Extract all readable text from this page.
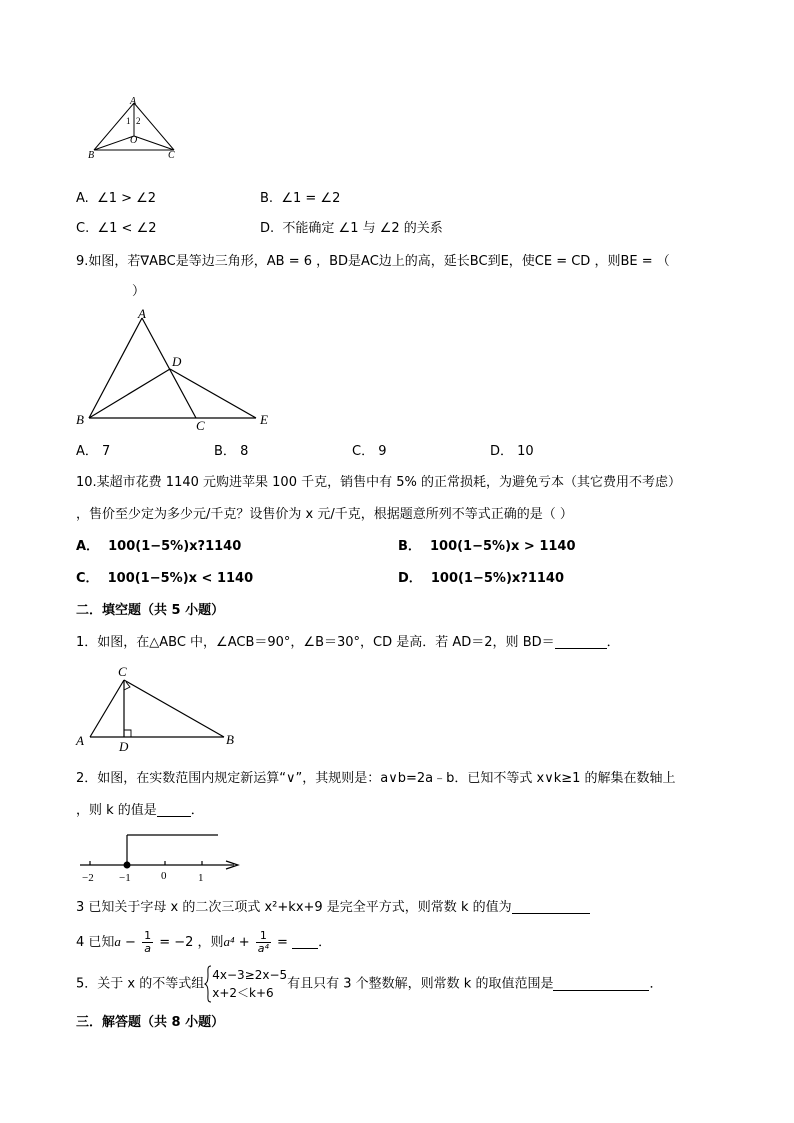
A
1 2
O
B	C
A. ∠1 > ∠2	B. ∠1 = ∠2
C. ∠1 < ∠2	D. 不能确定 ∠1 与 ∠2 的关系
9.如图，若∇ABC是等边三角形，AB = 6 ，BD是AC边上的高，延长BC到E，使CE = CD ，则BE = （
）
A
D
B	C	E
A． 7	B． 8	C． 9	D． 10
10.某超市花费 1140 元购进苹果 100 千克，销售中有 5% 的正常损耗，为避免亏本（其它费用不考虑）
，售价至少定为多少元/千克？设售价为 x 元/千克，根据题意所列不等式正确的是（ ）
A． 100(1−5%)x?1140	B． 100(1−5%)x > 1140
C． 100(1−5%)x < 1140	D． 100(1−5%)x?1140
二．填空题（共 5 小题）
1．如图，在△ABC 中，∠ACB＝90°，∠B＝30°，CD 是高．若 AD＝2，则 BD＝	．
C
A	D	B
2．如图，在实数范围内规定新运算“∨”，其规则是：a∨b=2a﹣b．已知不等式 x∨k≥1 的解集在数轴上
，则 k 的值是	．
−2 −1	0	1
3 已知关于字母 x 的二次三项式 x²+kx+9 是完全平方式，则常数 k 的值为
4 已知$a - \frac{1}{a} = -2$ ，则$a^4 + \frac{1}{\text{a⁴}}$ = ．
5．关于 x 的不等式组
4x−3≥2x−5
x+2＜k+6
有且只有 3 个整数解，则常数 k 的取值范围是	．
三．解答题（共 8 小题）
